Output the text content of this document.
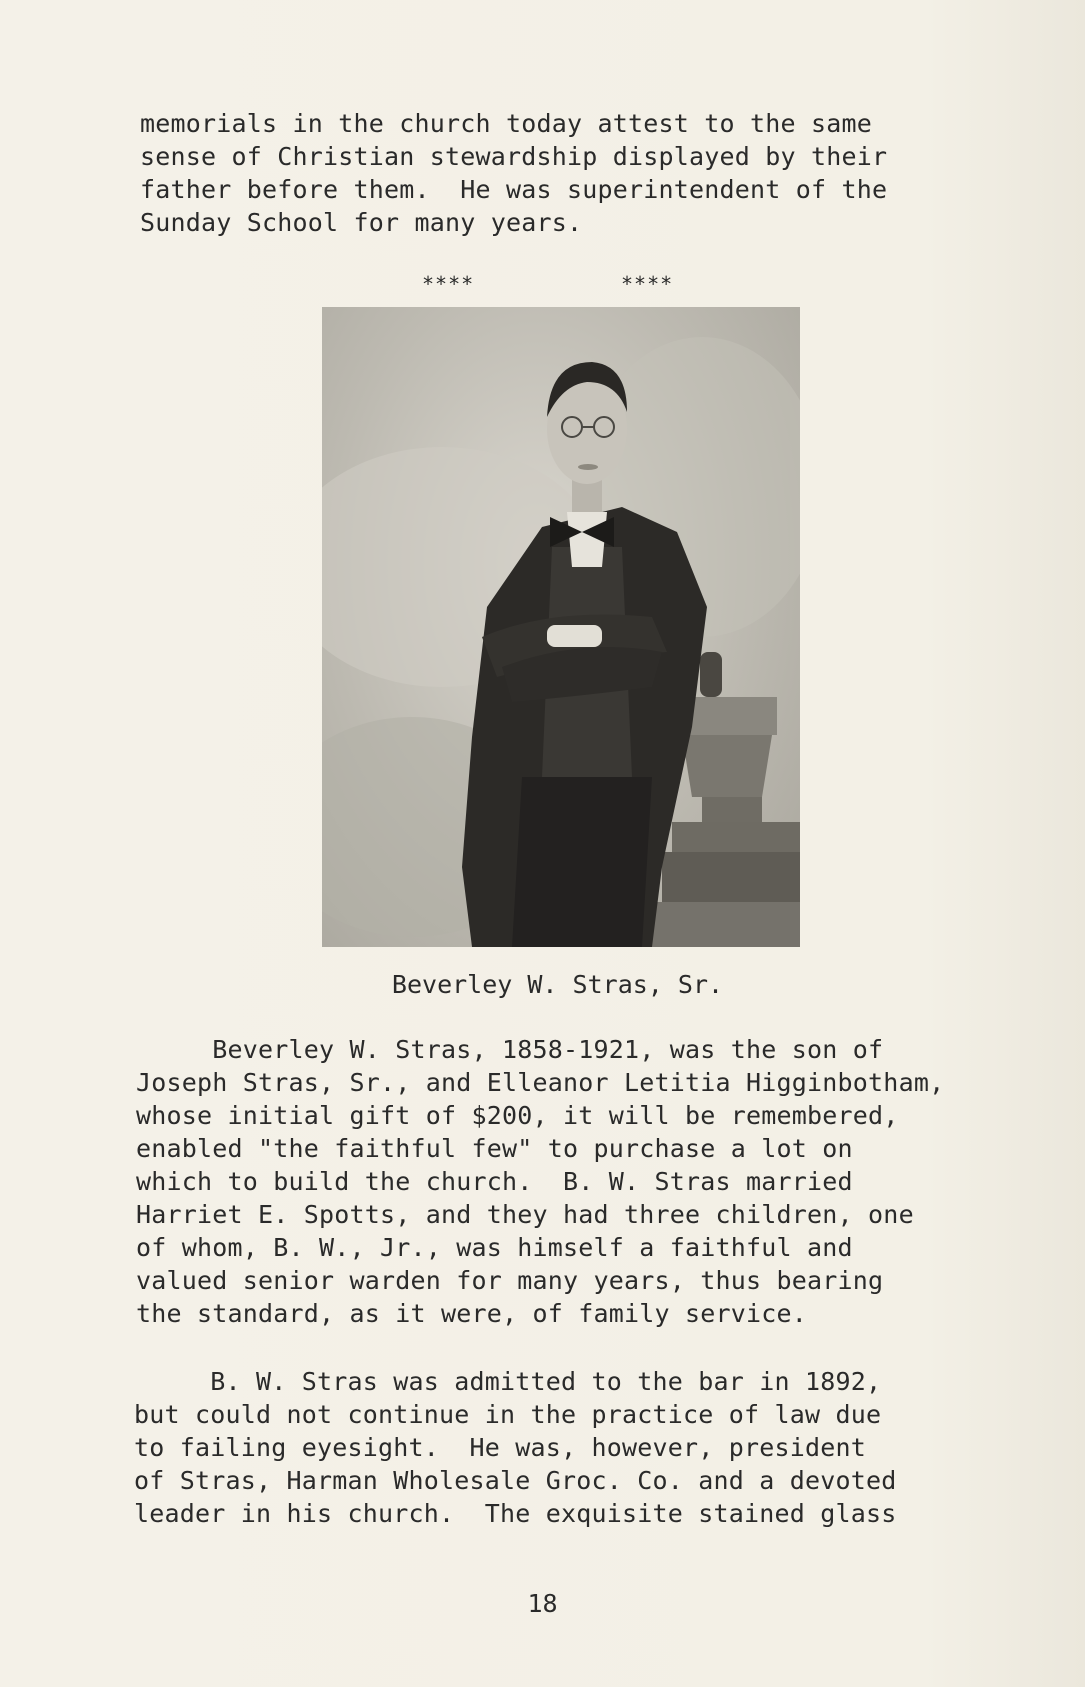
memorials in the church today attest to the same
sense of Christian stewardship displayed by their
father before them.  He was superintendent of the
Sunday School for many years.
****	****
Beverley W. Stras, Sr.
Beverley W. Stras, 1858-1921, was the son of
Joseph Stras, Sr., and Elleanor Letitia Higginbotham,
whose initial gift of $200, it will be remembered,
enabled "the faithful few" to purchase a lot on
which to build the church.  B. W. Stras married
Harriet E. Spotts, and they had three children, one
of whom, B. W., Jr., was himself a faithful and
valued senior warden for many years, thus bearing
the standard, as it were, of family service.
B. W. Stras was admitted to the bar in 1892,
but could not continue in the practice of law due
to failing eyesight.  He was, however, president
of Stras, Harman Wholesale Groc. Co. and a devoted
leader in his church.  The exquisite stained glass
18
